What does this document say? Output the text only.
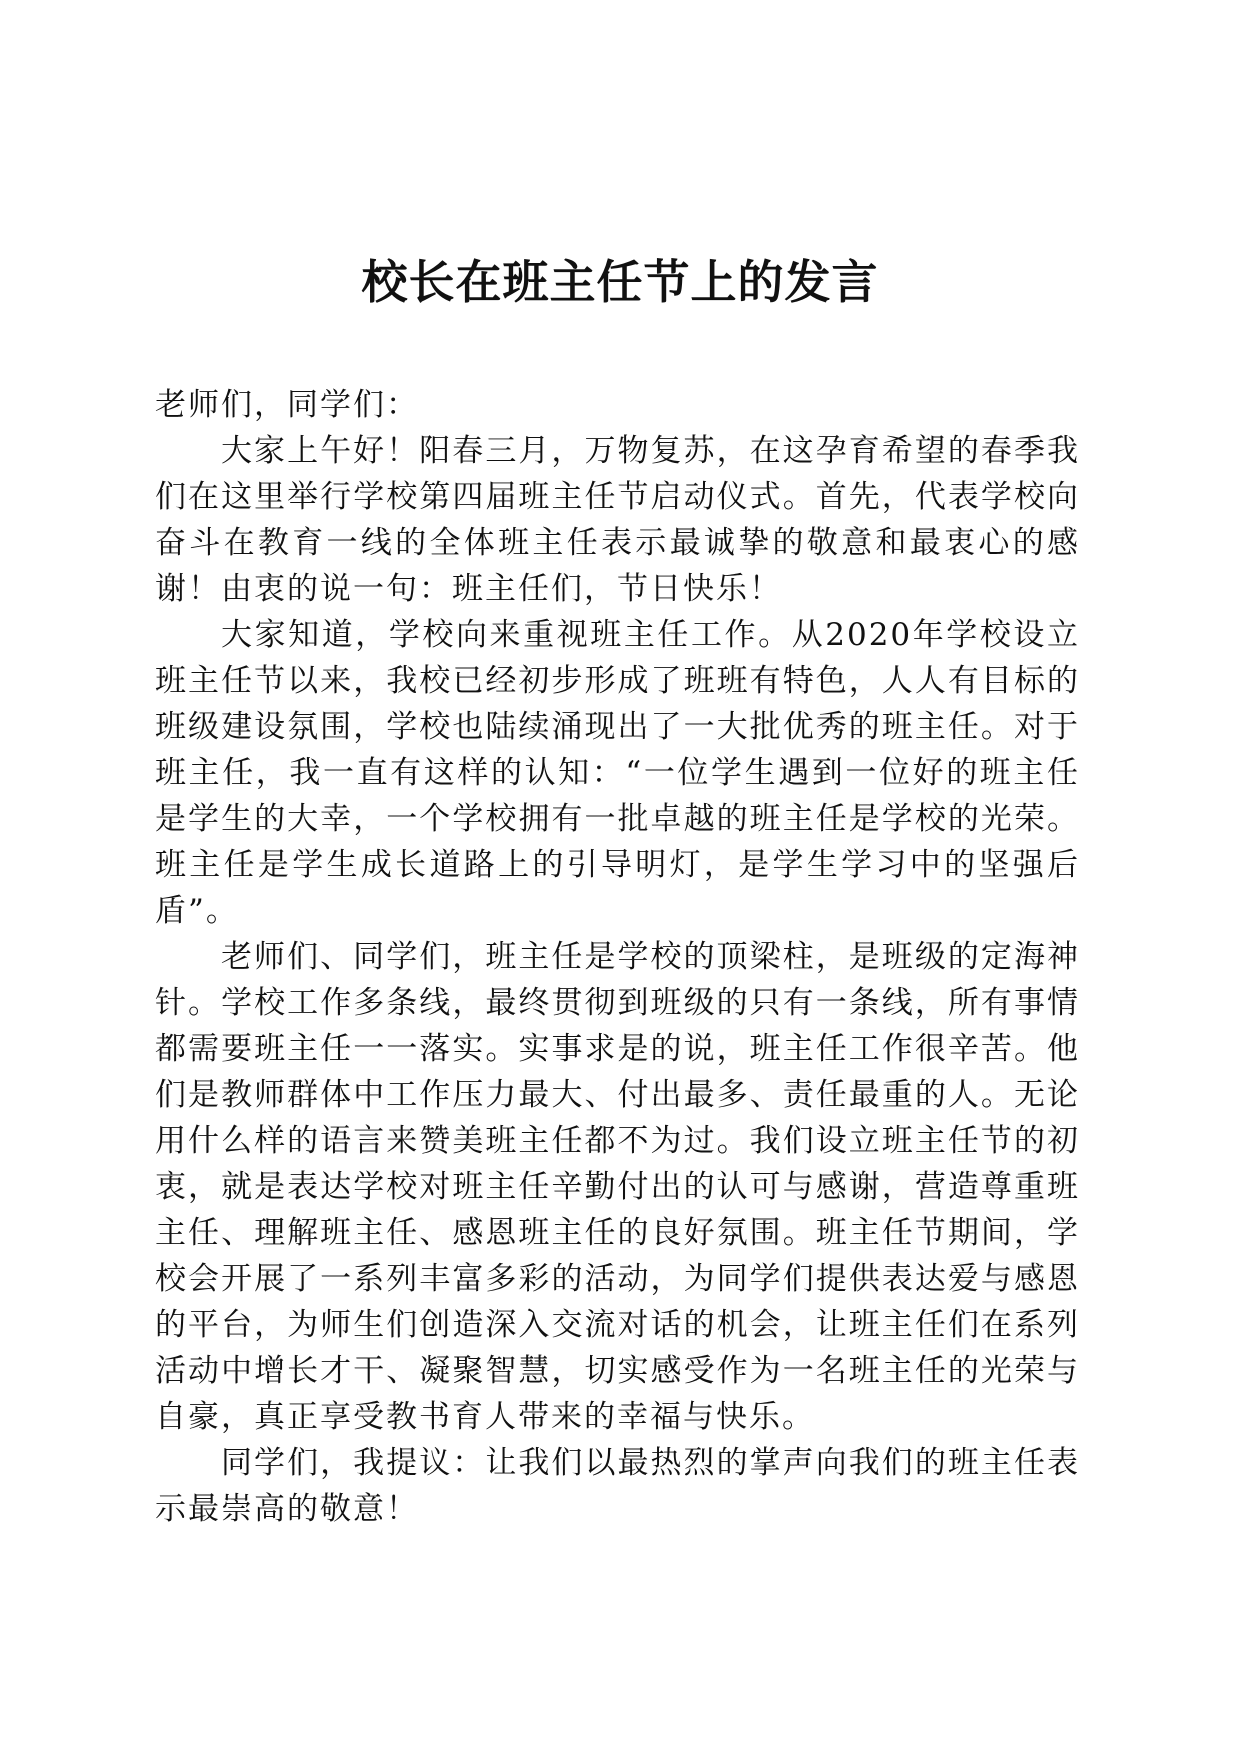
校长在班主任节上的发言

老师们，同学们：

大家上午好！阳春三月，万物复苏，在这孕育希望的春季我们在这里举行学校第四届班主任节启动仪式。首先，代表学校向奋斗在教育一线的全体班主任表示最诚挚的敬意和最衷心的感谢！由衷的说一句：班主任们，节日快乐！

大家知道，学校向来重视班主任工作。从2020年学校设立班主任节以来，我校已经初步形成了班班有特色，人人有目标的班级建设氛围，学校也陆续涌现出了一大批优秀的班主任。对于班主任，我一直有这样的认知：“一位学生遇到一位好的班主任是学生的大幸，一个学校拥有一批卓越的班主任是学校的光荣。班主任是学生成长道路上的引导明灯，是学生学习中的坚强后盾”。

老师们、同学们，班主任是学校的顶梁柱，是班级的定海神针。学校工作多条线，最终贯彻到班级的只有一条线，所有事情都需要班主任一一落实。实事求是的说，班主任工作很辛苦。他们是教师群体中工作压力最大、付出最多、责任最重的人。无论用什么样的语言来赞美班主任都不为过。我们设立班主任节的初衷，就是表达学校对班主任辛勤付出的认可与感谢，营造尊重班主任、理解班主任、感恩班主任的良好氛围。班主任节期间，学校会开展了一系列丰富多彩的活动，为同学们提供表达爱与感恩的平台，为师生们创造深入交流对话的机会，让班主任们在系列活动中增长才干、凝聚智慧，切实感受作为一名班主任的光荣与自豪，真正享受教书育人带来的幸福与快乐。

同学们，我提议：让我们以最热烈的掌声向我们的班主任表示最崇高的敬意！
